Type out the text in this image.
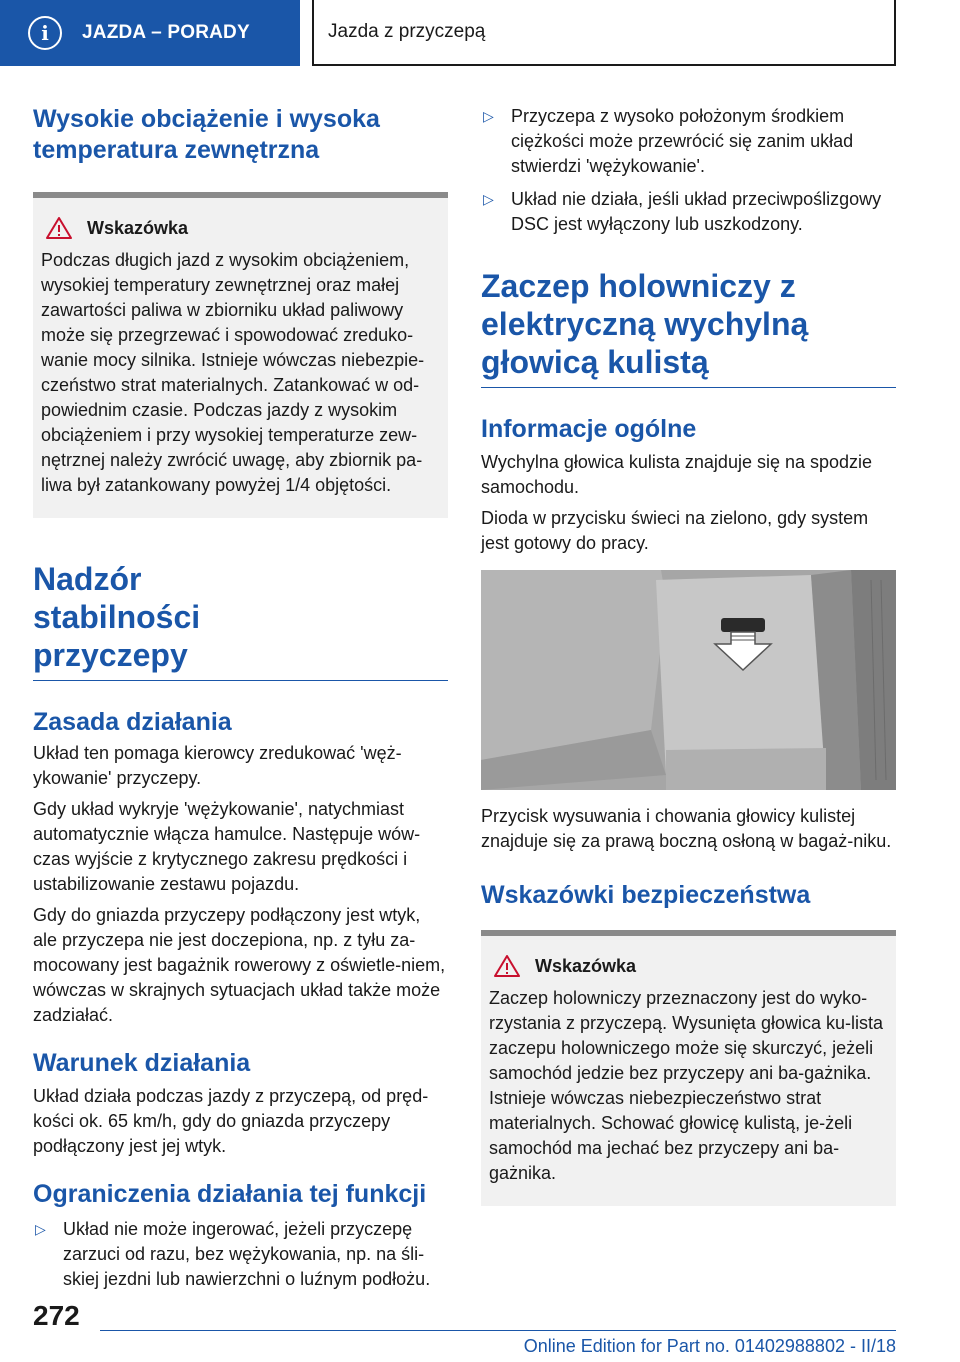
i JAZDA – PORADY	Jazda z przyczepą
Wysokie obciążenie i wysoka temperatura zewnętrzna
Wskazówka
Podczas długich jazd z wysokim obciążeniem, wysokiej temperatury zewnętrznej oraz małej zawartości paliwa w zbiorniku układ paliwowy może się przegrzewać i spowodować zreduko-wanie mocy silnika. Istnieje wówczas niebezpie-czeństwo strat materialnych. Zatankować w od-powiednim czasie. Podczas jazdy z wysokim obciążeniem i przy wysokiej temperaturze zew-nętrznej należy zwrócić uwagę, aby zbiornik pa-liwa był zatankowany powyżej 1/4 objętości.
Nadzór stabilności przyczepy
Zasada działania
Układ ten pomaga kierowcy zredukować 'węż-ykowanie' przyczepy.
Gdy układ wykryje 'wężykowanie', natychmiast automatycznie włącza hamulce. Następuje wów-czas wyjście z krytycznego zakresu prędkości i ustabilizowanie zestawu pojazdu.
Gdy do gniazda przyczepy podłączony jest wtyk, ale przyczepa nie jest doczepiona, np. z tyłu za-mocowany jest bagażnik rowerowy z oświetle-niem, wówczas w skrajnych sytuacjach układ także może zadziałać.
Warunek działania
Układ działa podczas jazdy z przyczepą, od pręd-kości ok. 65 km/h, gdy do gniazda przyczepy podłączony jest jej wtyk.
Ograniczenia działania tej funkcji
▷ Układ nie może ingerować, jeżeli przyczepę zarzuci od razu, bez wężykowania, np. na śli-skiej jezdni lub nawierzchni o luźnym podłożu.
▷ Przyczepa z wysoko położonym środkiem ciężkości może przewrócić się zanim układ stwierdzi 'wężykowanie'.
▷ Układ nie działa, jeśli układ przeciwpoślizgowy DSC jest wyłączony lub uszkodzony.
Zaczep holowniczy z elektryczną wychylną głowicą kulistą
Informacje ogólne
Wychylna głowica kulista znajduje się na spodzie samochodu.
Dioda w przycisku świeci na zielono, gdy system jest gotowy do pracy.
Przycisk wysuwania i chowania głowicy kulistej znajduje się za prawą boczną osłoną w bagaż-niku.
Wskazówki bezpieczeństwa
Wskazówka
Zaczep holowniczy przeznaczony jest do wyko-rzystania z przyczepą. Wysunięta głowica ku-lista zaczepu holowniczego może się skurczyć, jeżeli samochód jedzie bez przyczepy ani ba-gażnika. Istnieje wówczas niebezpieczeństwo strat materialnych. Schować głowicę kulistą, je-żeli samochód ma jechać bez przyczepy ani ba-gażnika.
272
Online Edition for Part no. 01402988802 - II/18
